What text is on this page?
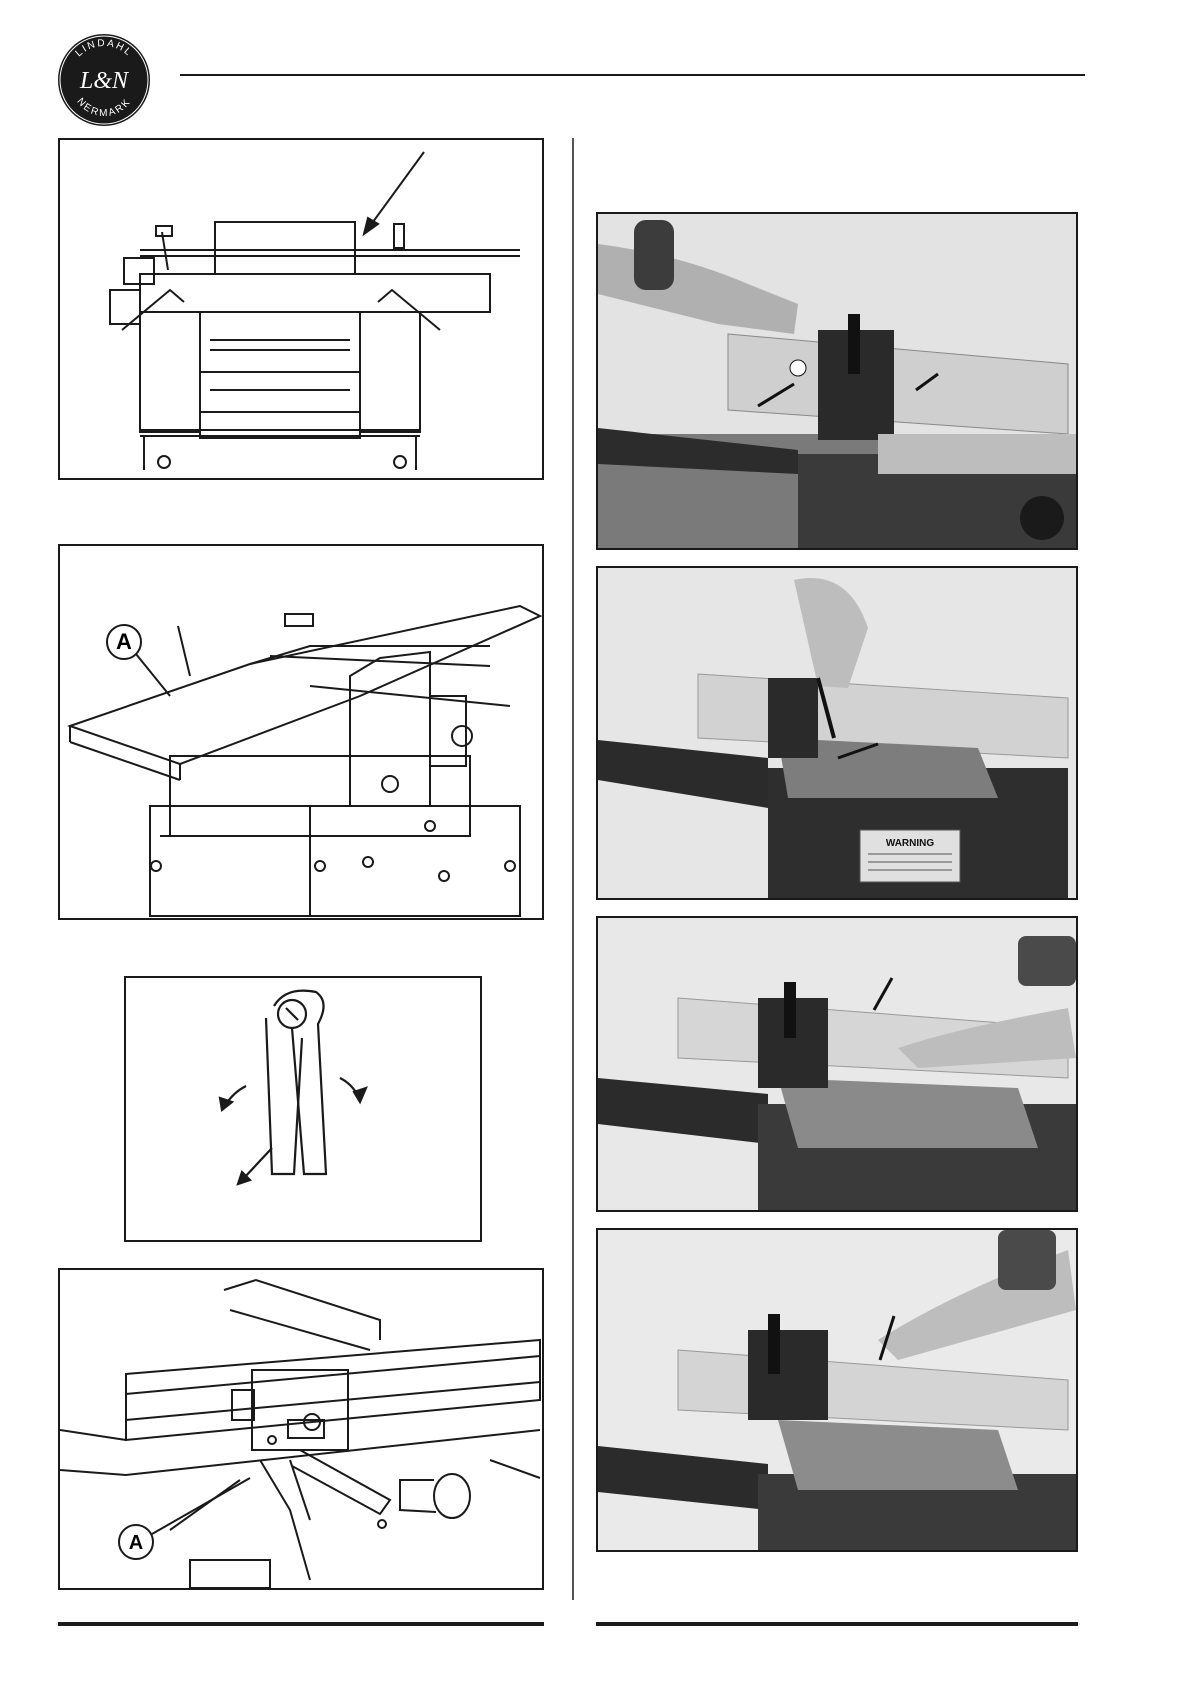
LINDAHL
NERMARK
L&N
A
A
WARNING
